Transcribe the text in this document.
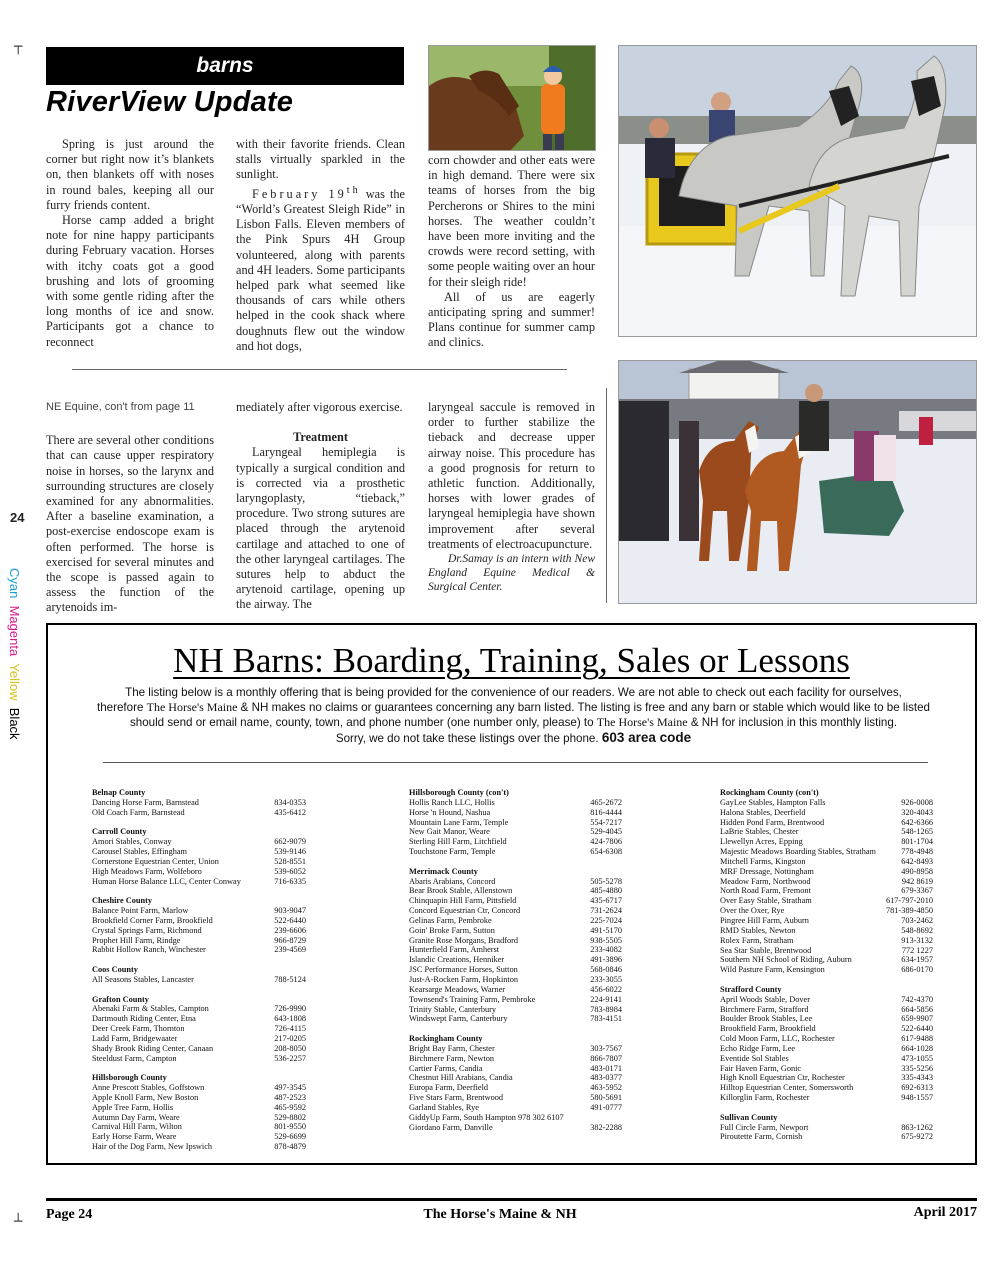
┬
┴
barns
RiverView Update

Spring is just around the corner but right now it’s blankets on, then blankets off with noses in round bales, keeping all our furry friends content.

Horse camp added a bright note for nine happy participants during February vacation. Horses with itchy coats got a good brushing and lots of grooming with some gentle riding after the long months of ice and snow. Participants got a chance to reconnect

with their favorite friends. Clean stalls virtually sparkled in the sunlight.

February 19th was the “World’s Greatest Sleigh Ride” in Lisbon Falls. Eleven members of the Pink Spurs 4H Group volunteered, along with parents and 4H leaders. Some participants helped park what seemed like thousands of cars while others helped in the cook shack where doughnuts flew out the window and hot dogs,

corn chowder and other eats were in high demand. There were six teams of horses from the big Percherons or Shires to the mini horses. The weather couldn’t have been more inviting and the crowds were record setting, with some people waiting over an hour for their sleigh ride!

All of us are eagerly anticipating spring and summer! Plans continue for summer camp and clinics.

24
Cyan  Magenta  Yellow  Black

NE Equine, con't from page 11

There are several other conditions that can cause upper respiratory noise in horses, so the larynx and surrounding structures are closely examined for any abnormalities. After a baseline examination, a post-exercise endoscope exam is often performed. The horse is exercised for several minutes and the scope is passed again to assess the function of the arytenoids im-

mediately after vigorous exercise.

Treatment

Laryngeal hemiplegia is typically a surgical condition and is corrected via a prosthetic laryngoplasty, “tieback,” procedure. Two strong sutures are placed through the arytenoid cartilage and attached to one of the other laryngeal cartilages. The sutures help to abduct the arytenoid cartilage, opening up the airway. The

laryngeal saccule is removed in order to further stabilize the tieback and decrease upper airway noise. This procedure has a good prognosis for return to athletic function. Additionally, horses with lower grades of laryngeal hemiplegia have shown improvement after several treatments of electroacupuncture.

Dr.Samay is an intern with New England Equine Medical & Surgical Center.

NH Barns: Boarding, Training, Sales or Lessons
The listing below is a monthly offering that is being provided for the convenience of our readers. We are not able to check out each facility for ourselves,
therefore The Horse's Maine & NH makes no claims or guarantees concerning any barn listed. The listing is free and any barn or stable which would like to be listed
should send or email name, county, town, and phone number (one number only, please) to The Horse's Maine & NH for inclusion in this monthly listing.
Sorry, we do not take these listings over the phone. 603 area code
Belnap County
Dancing Horse Farm, Barnstead	834-0353
Old Coach Farm, Barnstead	435-6412
Carroll County
Amori Stables, Conway	662-9079
Carousel Stables, Effingham	539-9146
Cornerstone Equestrian Center, Union	528-8551
High Meadows Farm, Wolfeboro	539-6052
Human Horse Balance LLC, Center Conway	716-6335
Cheshire County
Balance Point Farm, Marlow	903-9047
Brookfield Corner Farm, Brookfield	522-6440
Crystal Springs Farm, Richmond	239-6606
Prophet Hill Farm, Rindge	966-8729
Rabbit Hollow Ranch, Winchester	239-4569
Coos County
All Seasons Stables, Lancaster	788-5124
Grafton County
Abenaki Farm & Stables, Campton	726-9990
Dartmouth Riding Center, Etna	643-1808
Deer Creek Farm, Thornton	726-4115
Ladd Farm, Bridgewaater	217-0205
Shady Brook Riding Center, Canaan	208-8050
Steeldust Farm, Campton	536-2257
Hillsborough County
Anne Prescott Stables, Goffstown	497-3545
Apple Knoll Farm, New Boston	487-2523
Apple Tree Farm, Hollis	465-9592
Autumn Day Farm, Weare	529-8802
Carnival Hill Farm, Wilton	801-9550
Early Horse Farm, Weare	529-6699
Hair of the Dog Farm, New Ipswich	878-4879
Hillsborough County (con't)
Hollis Ranch LLC, Hollis	465-2672
Horse 'n Hound, Nashua	816-4444
Mountain Lane Farm, Temple	554-7217
New Gait Manor, Weare	529-4045
Sterling Hill Farm, Litchfield	424-7806
Touchstone Farm, Temple	654-6308
Merrimack County
Abaris Arabians, Concord	505-5278
Bear Brook Stable, Allenstown	485-4880
Chinquapin Hill Farm, Pittsfield	435-6717
Concord Equestrian Ctr, Concord	731-2624
Gelinas Farm, Pembroke	225-7024
Goin' Broke Farm, Sutton	491-5170
Granite Rose Morgans, Bradford	938-5505
Hunterfield Farm, Amherst	233-4082
Islandic Creations, Henniker	491-3896
JSC Performance Horses, Sutton	568-0846
Just-A-Rocken Farm, Hopkinton	233-3055
Kearsarge Meadows, Warner	456-6022
Townsend's Training Farm, Pembroke	224-9141
Trinity Stable, Canterbury	783-8984
Windswept Farm, Canterbury	783-4151
Rockingham County
Bright Bay Farm, Chester	303-7567
Birchmere Farm, Newton	866-7807
Cartier Farms, Candia	483-0171
Chestnut Hill Arabians, Candia	483-0377
Europa Farm, Deerfield	463-5952
Five Stars Farm, Brentwood	580-5691
Garland Stables, Rye	491-0777
GiddyUp Farm, South Hampton 978 302 6107
Giordano Farm, Danville	382-2288
Rockingham County (con't)
GayLee Stables, Hampton Falls	926-0008
Halona Stables, Deerfield	320-4043
Hidden Pond Farm, Brentwood	642-6366
LaBrie Stables, Chester	548-1265
Llewellyn Acres, Epping	801-1704
Majestic Meadows Boarding Stables, Stratham	778-4948
Mitchell Farms, Kingston	642-8493
MRF Dressage, Nottingham	490-8958
Meadow Farm, Northwood	942 8619
North Road Farm, Fremont	679-3367
Over Easy Stable, Stratham	617-797-2010
Over the Oxer, Rye	781-389-4850
Pingree Hill Farm, Auburn	703-2462
RMD Stables, Newton	548-8692
Rolex Farm, Stratham	913-3132
Sea Star Stable, Brentwood	772 1227
Southern NH School of Riding, Auburn	634-1957
Wild Pasture Farm, Kensington	686-0170
Strafford County
April Woods Stable, Dover	742-4370
Birchmere Farm, Strafford	664-5856
Boulder Brook Stables, Lee	659-9907
Brookfield Farm, Brookfield	522-6440
Cold Moon Farm, LLC, Rochester	617-9488
Echo Ridge Farm, Lee	664-1028
Eventide Sol Stables	473-1055
Fair Haven Farm, Gonic	335-5256
High Knoll Equestrian Ctr, Rochester	335-4343
Hilltop Equestrian Center, Somersworth	692-6313
Killorglin Farm, Rochester	948-1557
Sullivan County
Full Circle Farm, Newport	863-1262
Piroutette Farm, Cornish	675-9272
Page 24	The Horse's Maine & NH	April 2017
